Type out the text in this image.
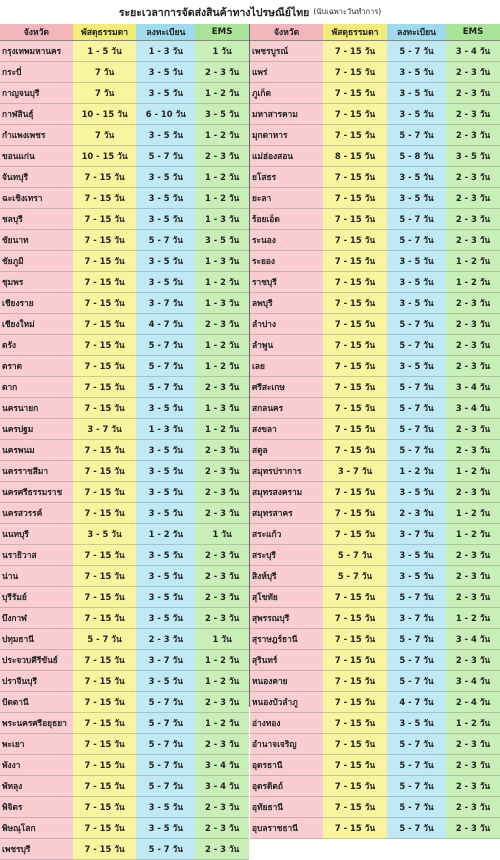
ระยะเวลาการจัดส่งสินค้าทางไปรษณีย์ไทย (นับเฉพาะวันทำการ)
จังหวัด	พัสดุธรรมดา	ลงทะเบียน	EMS
กรุงเทพมหานคร	1 - 5 วัน	1 - 3 วัน	1 วัน
กระบี่	7 วัน	3 - 5 วัน	2 - 3 วัน
กาญจนบุรี	7 วัน	3 - 5 วัน	1 - 2 วัน
กาฬสินธุ์	10 - 15 วัน	6 - 10 วัน	3 - 5 วัน
กำแพงเพชร	7 วัน	3 - 5 วัน	1 - 2 วัน
ขอนแก่น	10 - 15 วัน	5 - 7 วัน	2 - 3 วัน
จันทบุรี	7 - 15 วัน	3 - 5 วัน	1 - 2 วัน
ฉะเชิงเทรา	7 - 15 วัน	3 - 5 วัน	1 - 2 วัน
ชลบุรี	7 - 15 วัน	3 - 5 วัน	1 - 3 วัน
ชัยนาท	7 - 15 วัน	5 - 7 วัน	3 - 5 วัน
ชัยภูมิ	7 - 15 วัน	3 - 5 วัน	1 - 3 วัน
ชุมพร	7 - 15 วัน	3 - 5 วัน	1 - 2 วัน
เชียงราย	7 - 15 วัน	3 - 7 วัน	1 - 3 วัน
เชียงใหม่	7 - 15 วัน	4 - 7 วัน	2 - 3 วัน
ตรัง	7 - 15 วัน	5 - 7 วัน	1 - 2 วัน
ตราด	7 - 15 วัน	5 - 7 วัน	1 - 2 วัน
ตาก	7 - 15 วัน	5 - 7 วัน	2 - 3 วัน
นครนายก	7 - 15 วัน	3 - 5 วัน	1 - 3 วัน
นครปฐม	3 - 7 วัน	1 - 3 วัน	1 - 2 วัน
นครพนม	7 - 15 วัน	3 - 5 วัน	2 - 3 วัน
นครราชสีมา	7 - 15 วัน	3 - 5 วัน	2 - 3 วัน
นครศรีธรรมราช	7 - 15 วัน	3 - 5 วัน	2 - 3 วัน
นครสวรรค์	7 - 15 วัน	3 - 5 วัน	2 - 3 วัน
นนทบุรี	3 - 5 วัน	1 - 2 วัน	1 วัน
นราธิวาส	7 - 15 วัน	3 - 5 วัน	2 - 3 วัน
น่าน	7 - 15 วัน	3 - 5 วัน	2 - 3 วัน
บุรีรัมย์	7 - 15 วัน	3 - 5 วัน	2 - 3 วัน
บึงกาฬ	7 - 15 วัน	3 - 5 วัน	2 - 3 วัน
ปทุมธานี	5 - 7 วัน	2 - 3 วัน	1 วัน
ประจวบคีรีขันธ์	7 - 15 วัน	3 - 7 วัน	1 - 2 วัน
ปราจีนบุรี	7 - 15 วัน	3 - 5 วัน	1 - 2 วัน
ปัตตานี	7 - 15 วัน	5 - 7 วัน	2 - 3 วัน
พระนครศรีอยุธยา	7 - 15 วัน	5 - 7 วัน	1 - 2 วัน
พะเยา	7 - 15 วัน	5 - 7 วัน	2 - 3 วัน
พังงา	7 - 15 วัน	5 - 7 วัน	3 - 4 วัน
พัทลุง	7 - 15 วัน	5 - 7 วัน	3 - 4 วัน
พิจิตร	7 - 15 วัน	3 - 5 วัน	2 - 3 วัน
พิษณุโลก	7 - 15 วัน	3 - 5 วัน	2 - 3 วัน
เพชรบุรี	7 - 15 วัน	5 - 7 วัน	2 - 3 วัน
จังหวัด	พัสดุธรรมดา	ลงทะเบียน	EMS
เพชรบูรณ์	7 - 15 วัน	5 - 7 วัน	3 - 4 วัน
แพร่	7 - 15 วัน	3 - 5 วัน	2 - 3 วัน
ภูเก็ต	7 - 15 วัน	3 - 5 วัน	2 - 3 วัน
มหาสารคาม	7 - 15 วัน	3 - 5 วัน	2 - 3 วัน
มุกดาหาร	7 - 15 วัน	5 - 7 วัน	2 - 3 วัน
แม่ฮ่องสอน	8 - 15 วัน	5 - 8 วัน	3 - 5 วัน
ยโสธร	7 - 15 วัน	3 - 5 วัน	2 - 3 วัน
ยะลา	7 - 15 วัน	3 - 5 วัน	2 - 3 วัน
ร้อยเอ็ด	7 - 15 วัน	5 - 7 วัน	2 - 3 วัน
ระนอง	7 - 15 วัน	5 - 7 วัน	2 - 3 วัน
ระยอง	7 - 15 วัน	3 - 5 วัน	1 - 2 วัน
ราชบุรี	7 - 15 วัน	3 - 5 วัน	1 - 2 วัน
ลพบุรี	7 - 15 วัน	3 - 5 วัน	2 - 3 วัน
ลำปาง	7 - 15 วัน	5 - 7 วัน	2 - 3 วัน
ลำพูน	7 - 15 วัน	5 - 7 วัน	2 - 3 วัน
เลย	7 - 15 วัน	3 - 5 วัน	2 - 3 วัน
ศรีสะเกษ	7 - 15 วัน	5 - 7 วัน	3 - 4 วัน
สกลนคร	7 - 15 วัน	5 - 7 วัน	3 - 4 วัน
สงขลา	7 - 15 วัน	5 - 7 วัน	2 - 3 วัน
สตูล	7 - 15 วัน	5 - 7 วัน	2 - 3 วัน
สมุทรปราการ	3 - 7 วัน	1 - 2 วัน	1 - 2 วัน
สมุทรสงคราม	7 - 15 วัน	3 - 5 วัน	2 - 3 วัน
สมุทรสาคร	7 - 15 วัน	2 - 3 วัน	1 - 2 วัน
สระแก้ว	7 - 15 วัน	3 - 7 วัน	1 - 2 วัน
สระบุรี	5 - 7 วัน	3 - 5 วัน	2 - 3 วัน
สิงห์บุรี	5 - 7 วัน	3 - 5 วัน	2 - 3 วัน
สุโขทัย	7 - 15 วัน	5 - 7 วัน	2 - 3 วัน
สุพรรณบุรี	7 - 15 วัน	3 - 7 วัน	1 - 2 วัน
สุราษฎร์ธานี	7 - 15 วัน	5 - 7 วัน	3 - 4 วัน
สุรินทร์	7 - 15 วัน	5 - 7 วัน	2 - 3 วัน
หนองคาย	7 - 15 วัน	5 - 7 วัน	3 - 4 วัน
หนองบัวลำภู	7 - 15 วัน	4 - 7 วัน	2 - 4 วัน
อ่างทอง	7 - 15 วัน	3 - 5 วัน	1 - 2 วัน
อำนาจเจริญ	7 - 15 วัน	5 - 7 วัน	2 - 3 วัน
อุดรธานี	7 - 15 วัน	5 - 7 วัน	2 - 3 วัน
อุตรดิตถ์	7 - 15 วัน	5 - 7 วัน	2 - 3 วัน
อุทัยธานี	7 - 15 วัน	5 - 7 วัน	2 - 3 วัน
อุบลราชธานี	7 - 15 วัน	5 - 7 วัน	2 - 3 วัน
